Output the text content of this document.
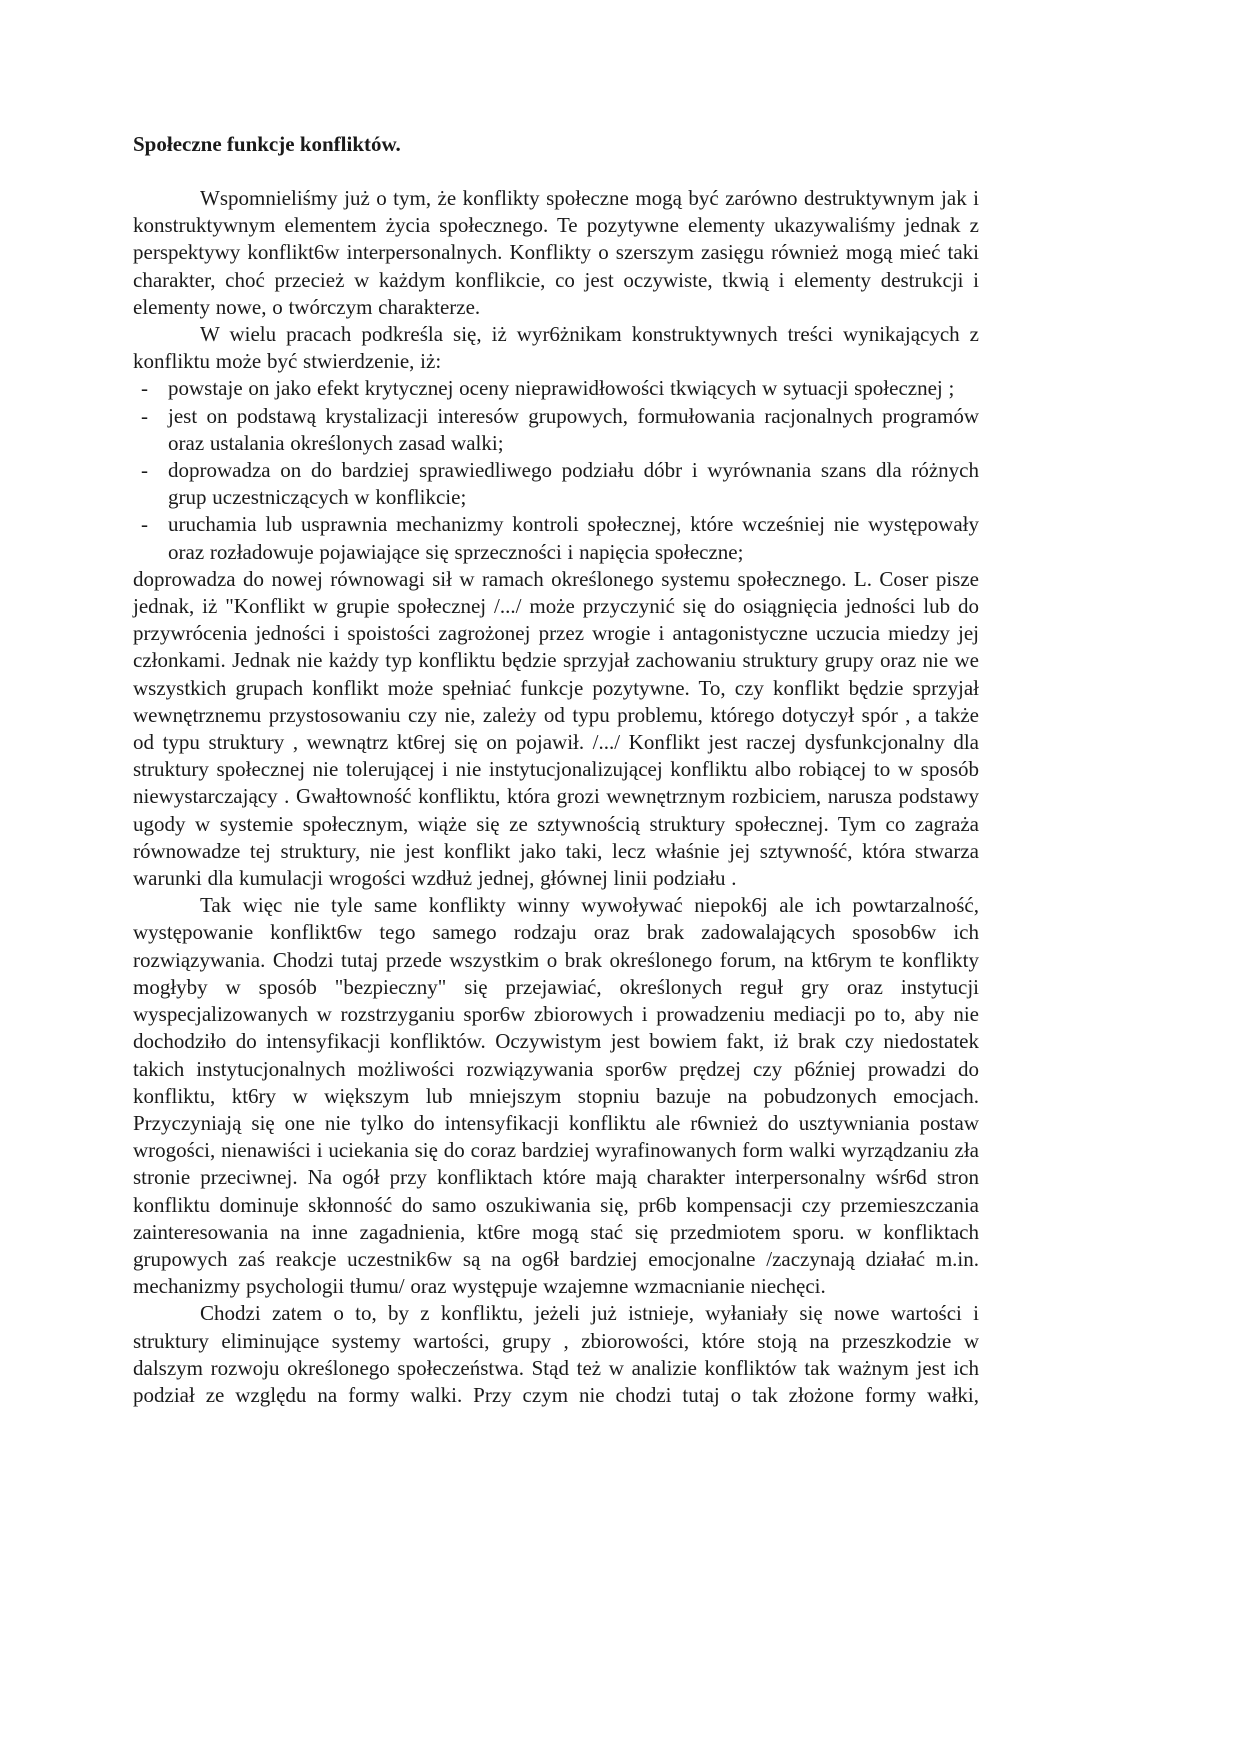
Społeczne funkcje konfliktów.

Wspomnieliśmy już o tym, że konflikty społeczne mogą być zarówno destruktywnym jak i konstruktywnym elementem życia społecznego. Te pozytywne elementy ukazywaliśmy jednak z perspektywy konflikt6w interpersonalnych. Konflikty o szerszym zasięgu również mogą mieć taki charakter, choć przecież w każdym konflikcie, co jest oczywiste, tkwią i elementy destrukcji i elementy nowe, o twórczym charakterze.

W wielu pracach podkreśla się, iż wyr6żnikam konstruktywnych treści wynikających z konfliktu może być stwierdzenie, iż:

- powstaje on jako efekt krytycznej oceny nieprawidłowości tkwiących w sytuacji społecznej ;
- jest on podstawą krystalizacji interesów grupowych, formułowania racjonalnych programów oraz ustalania określonych zasad walki;
- doprowadza on do bardziej sprawiedliwego podziału dóbr i wyrównania szans dla różnych grup uczestniczących w konflikcie;
- uruchamia lub usprawnia mechanizmy kontroli społecznej, które wcześniej nie występowały oraz rozładowuje pojawiające się sprzeczności i napięcia społeczne;

doprowadza do nowej równowagi sił w ramach określonego systemu społecznego. L. Coser pisze jednak, iż "Konflikt w grupie społecznej /.../ może przyczynić się do osiągnięcia jedności lub do przywrócenia jedności i spoistości zagrożonej przez wrogie i antagonistyczne uczucia miedzy jej członkami. Jednak nie każdy typ konfliktu będzie sprzyjał zachowaniu struktury grupy oraz nie we wszystkich grupach konflikt może spełniać funkcje pozytywne. To, czy konflikt będzie sprzyjał wewnętrznemu przystosowaniu czy nie, zależy od typu problemu, którego dotyczył spór , a także od typu struktury , wewnątrz kt6rej się on pojawił. /.../ Konflikt jest raczej dysfunkcjonalny dla struktury społecznej nie tolerującej i nie instytucjonalizującej konfliktu albo robiącej to w sposób niewystarczający . Gwałtowność konfliktu, która grozi wewnętrznym rozbiciem, narusza podstawy ugody w systemie społecznym, wiąże się ze sztywnością struktury społecznej. Tym co zagraża równowadze tej struktury, nie jest konflikt jako taki, lecz właśnie jej sztywność, która stwarza warunki dla kumulacji wrogości wzdłuż jednej, głównej linii podziału .

Tak więc nie tyle same konflikty winny wywoływać niepok6j ale ich powtarzalność, występowanie konflikt6w tego samego rodzaju oraz brak zadowalających sposob6w ich rozwiązywania. Chodzi tutaj przede wszystkim o brak określonego forum, na kt6rym te konflikty mogłyby w sposób "bezpieczny" się przejawiać, określonych reguł gry oraz instytucji wyspecjalizowanych w rozstrzyganiu spor6w zbiorowych i prowadzeniu mediacji po to, aby nie dochodziło do intensyfikacji konfliktów. Oczywistym jest bowiem fakt, iż brak czy niedostatek takich instytucjonalnych możliwości rozwiązywania spor6w prędzej czy p6źniej prowadzi do konfliktu, kt6ry w większym lub mniejszym stopniu bazuje na pobudzonych emocjach. Przyczyniają się one nie tylko do intensyfikacji konfliktu ale r6wnież do usztywniania postaw wrogości, nienawiści i uciekania się do coraz bardziej wyrafinowanych form walki wyrządzaniu zła stronie przeciwnej. Na ogół przy konfliktach które mają charakter interpersonalny wśr6d stron konfliktu dominuje skłonność do samo oszukiwania się, pr6b kompensacji czy przemieszczania zainteresowania na inne zagadnienia, kt6re mogą stać się przedmiotem sporu. w konfliktach grupowych zaś reakcje uczestnik6w są na og6ł bardziej emocjonalne /zaczynają działać m.in. mechanizmy psychologii tłumu/ oraz występuje wzajemne wzmacnianie niechęci.

Chodzi zatem o to, by z konfliktu, jeżeli już istnieje, wyłaniały się nowe wartości i struktury eliminujące systemy wartości, grupy , zbiorowości, które stoją na przeszkodzie w dalszym rozwoju określonego społeczeństwa. Stąd też w analizie konfliktów tak ważnym jest ich podział ze względu na formy walki. Przy czym nie chodzi tutaj o tak złożone formy wałki,
